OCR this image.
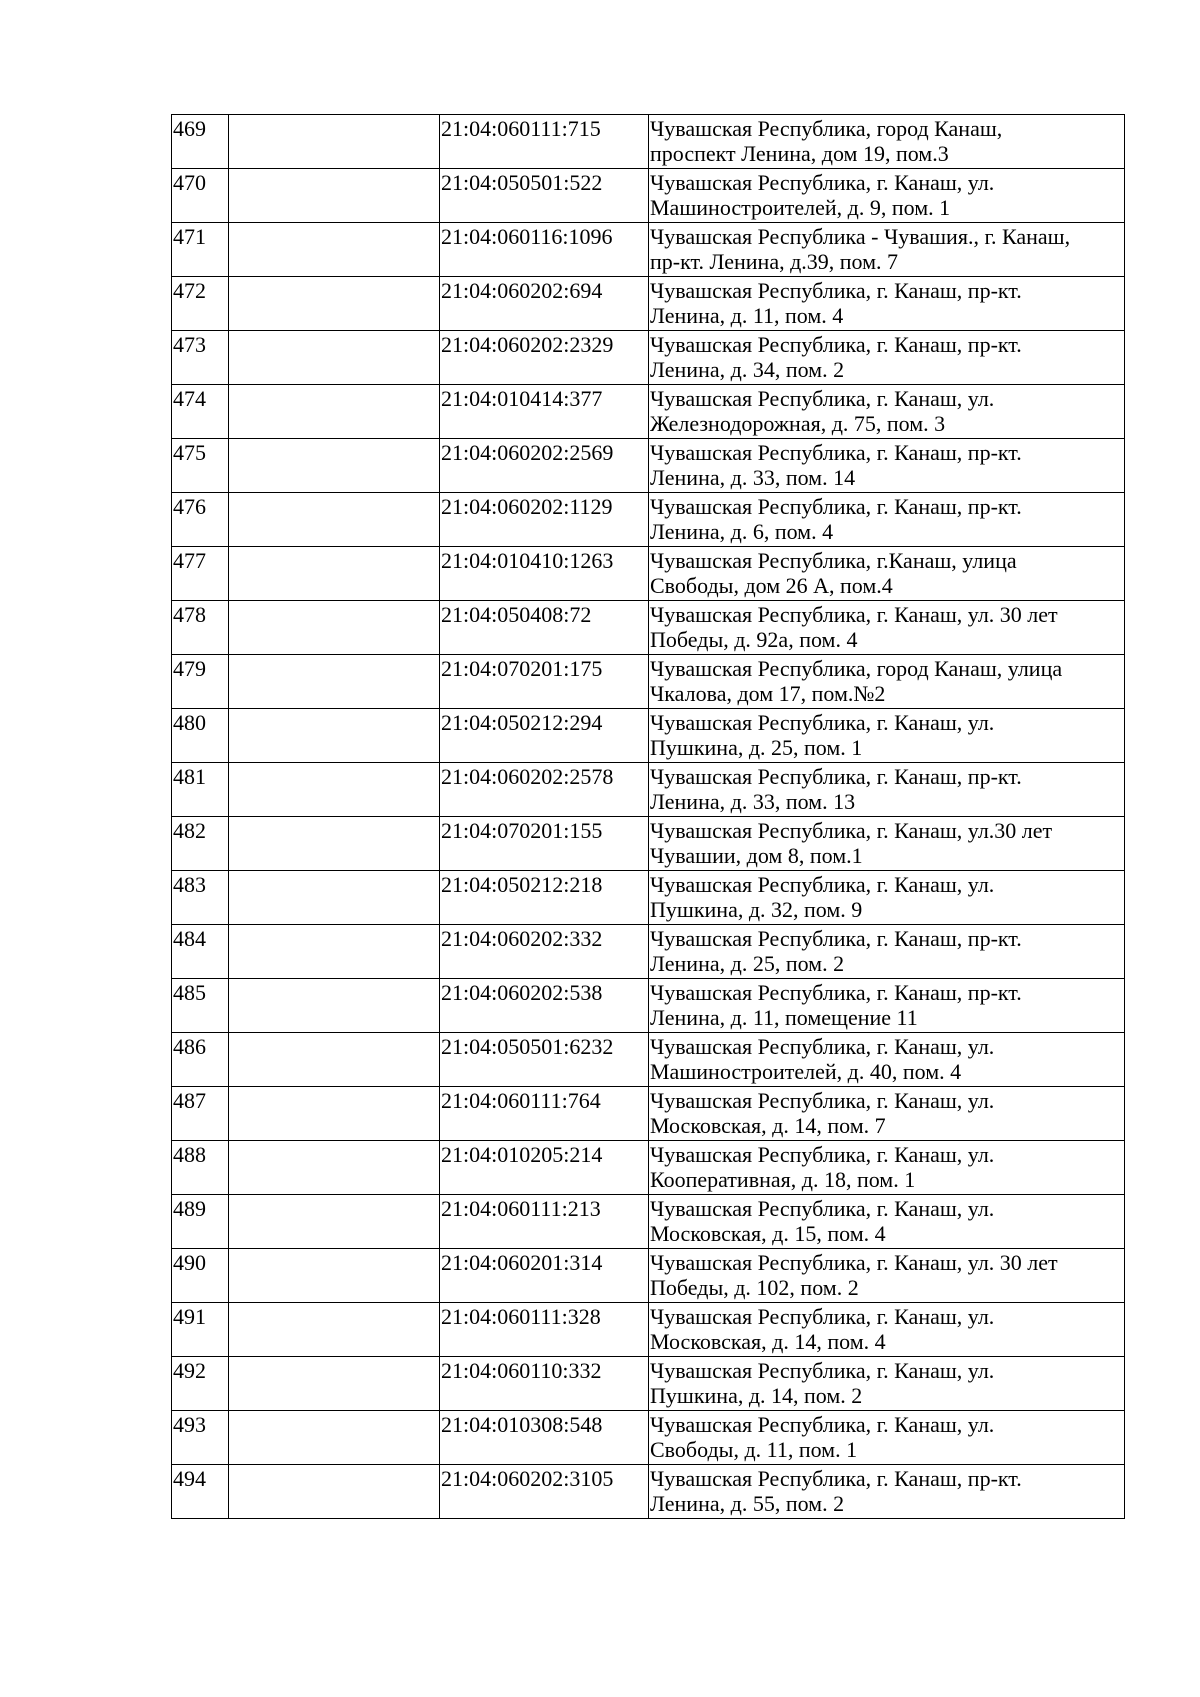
469		21:04:060111:715	Чувашская Республика, город Канаш,
проспект Ленина, дом 19, пом.3

470		21:04:050501:522	Чувашская Республика, г. Канаш, ул.
Машиностроителей, д. 9, пом. 1

471		21:04:060116:1096	Чувашская Республика - Чувашия., г. Канаш,
пр-кт. Ленина, д.39, пом. 7

472		21:04:060202:694	Чувашская Республика, г. Канаш, пр-кт.
Ленина, д. 11, пом. 4

473		21:04:060202:2329	Чувашская Республика, г. Канаш, пр-кт.
Ленина, д. 34, пом. 2

474		21:04:010414:377	Чувашская Республика, г. Канаш, ул.
Железнодорожная, д. 75, пом. 3

475		21:04:060202:2569	Чувашская Республика, г. Канаш, пр-кт.
Ленина, д. 33, пом. 14

476		21:04:060202:1129	Чувашская Республика, г. Канаш, пр-кт.
Ленина, д. 6, пом. 4

477		21:04:010410:1263	Чувашская Республика, г.Канаш, улица
Свободы, дом 26 А, пом.4

478		21:04:050408:72	Чувашская Республика, г. Канаш, ул. 30 лет
Победы, д. 92а, пом. 4

479		21:04:070201:175	Чувашская Республика, город Канаш, улица
Чкалова, дом 17, пом.№2

480		21:04:050212:294	Чувашская Республика, г. Канаш, ул.
Пушкина, д. 25, пом. 1

481		21:04:060202:2578	Чувашская Республика, г. Канаш, пр-кт.
Ленина, д. 33, пом. 13

482		21:04:070201:155	Чувашская Республика, г. Канаш, ул.30 лет
Чувашии, дом 8, пом.1

483		21:04:050212:218	Чувашская Республика, г. Канаш, ул.
Пушкина, д. 32, пом. 9

484		21:04:060202:332	Чувашская Республика, г. Канаш, пр-кт.
Ленина, д. 25, пом. 2

485		21:04:060202:538	Чувашская Республика, г. Канаш, пр-кт.
Ленина, д. 11, помещение 11

486		21:04:050501:6232	Чувашская Республика, г. Канаш, ул.
Машиностроителей, д. 40, пом. 4

487		21:04:060111:764	Чувашская Республика, г. Канаш, ул.
Московская, д. 14, пом. 7

488		21:04:010205:214	Чувашская Республика, г. Канаш, ул.
Кооперативная, д. 18, пом. 1

489		21:04:060111:213	Чувашская Республика, г. Канаш, ул.
Московская, д. 15, пом. 4

490		21:04:060201:314	Чувашская Республика, г. Канаш, ул. 30 лет
Победы, д. 102, пом. 2

491		21:04:060111:328	Чувашская Республика, г. Канаш, ул.
Московская, д. 14, пом. 4

492		21:04:060110:332	Чувашская Республика, г. Канаш, ул.
Пушкина, д. 14, пом. 2

493		21:04:010308:548	Чувашская Республика, г. Канаш, ул.
Свободы, д. 11, пом. 1

494		21:04:060202:3105	Чувашская Республика, г. Канаш, пр-кт.
Ленина, д. 55, пом. 2
